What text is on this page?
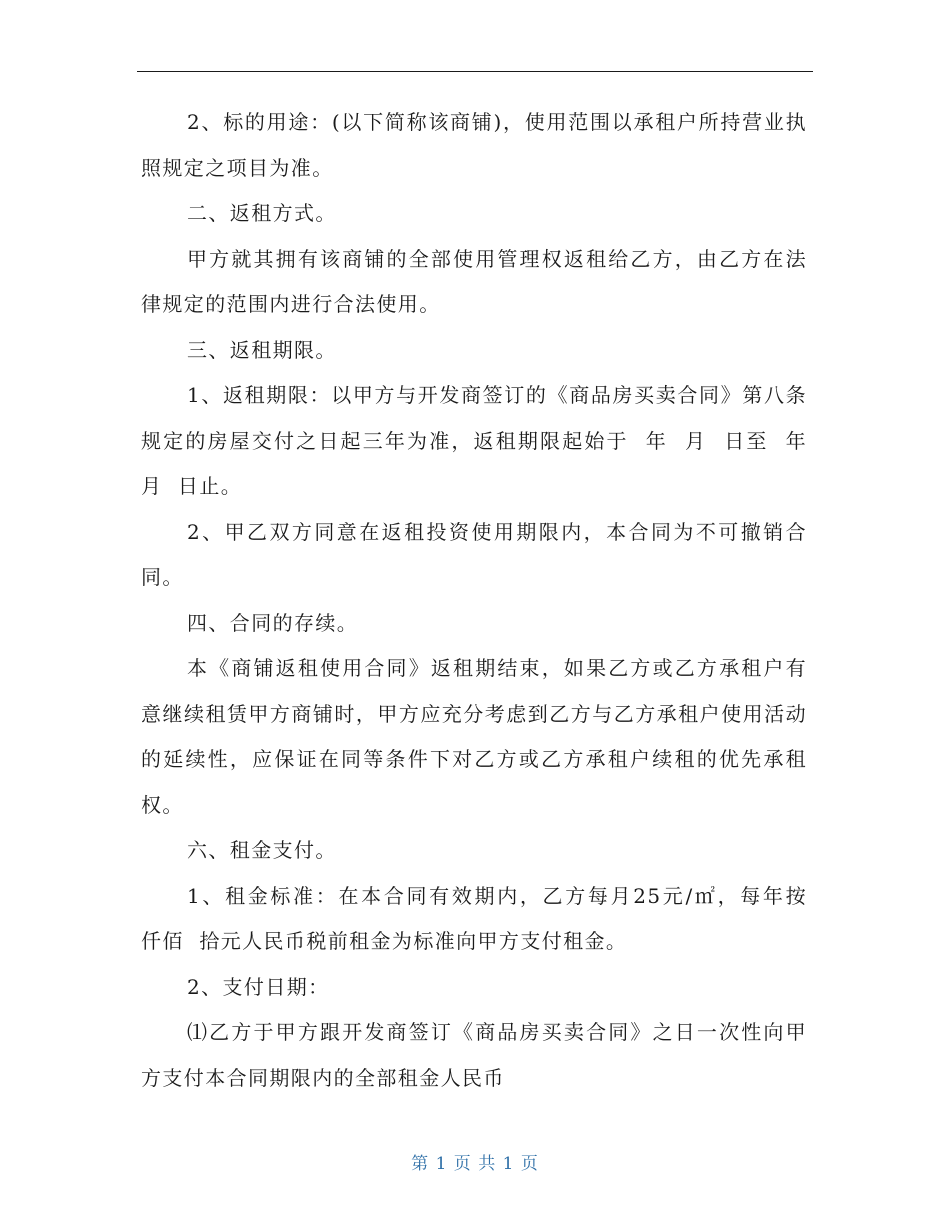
2、标的用途：(以下简称该商铺)，使用范围以承租户所持营业执照规定之项目为准。

二、返租方式。

甲方就其拥有该商铺的全部使用管理权返租给乙方，由乙方在法律规定的范围内进行合法使用。

三、返租期限。

1、返租期限：以甲方与开发商签订的《商品房买卖合同》第八条规定的房屋交付之日起三年为准，返租期限起始于  年  月  日至  年  月  日止。

2、甲乙双方同意在返租投资使用期限内，本合同为不可撤销合同。

四、合同的存续。

本《商铺返租使用合同》返租期结束，如果乙方或乙方承租户有意继续租赁甲方商铺时，甲方应充分考虑到乙方与乙方承租户使用活动的延续性，应保证在同等条件下对乙方或乙方承租户续租的优先承租权。

六、租金支付。

1、租金标准：在本合同有效期内，乙方每月25元/㎡，每年按  仟佰  拾元人民币税前租金为标准向甲方支付租金。

2、支付日期：

⑴乙方于甲方跟开发商签订《商品房买卖合同》之日一次性向甲方支付本合同期限内的全部租金人民币

第 1 页 共 1 页
